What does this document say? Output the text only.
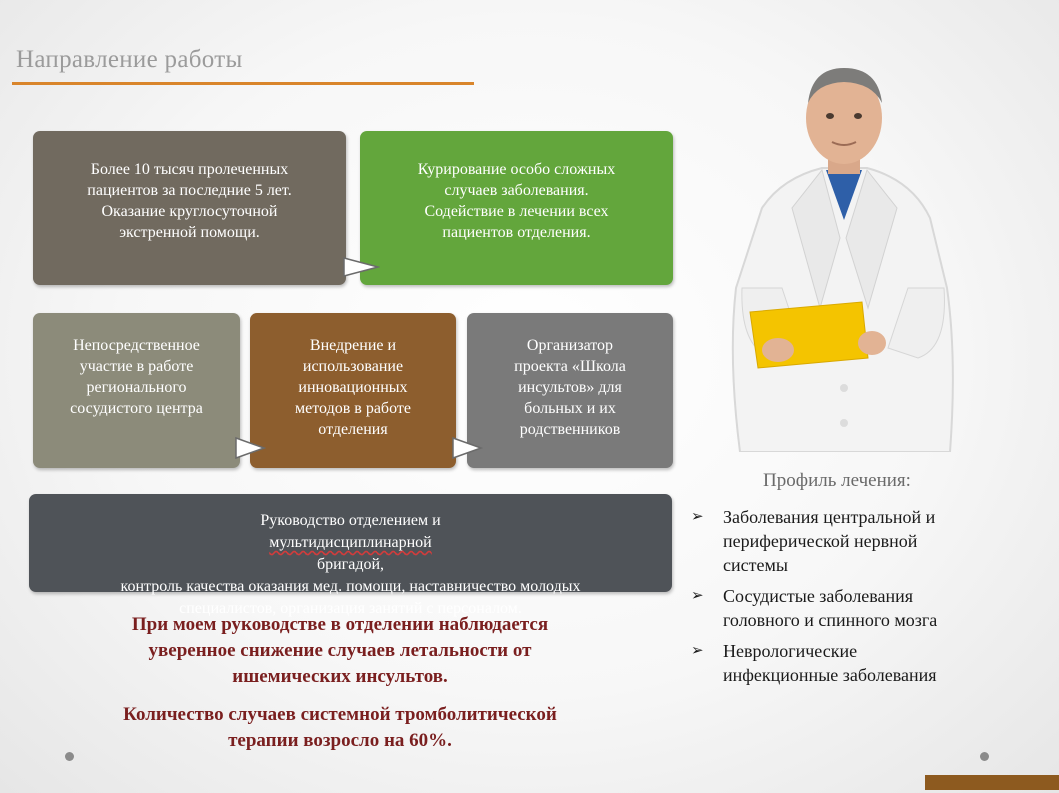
Направление работы
Более 10 тысяч пролеченных
пациентов за последние 5 лет.
Оказание круглосуточной
экстренной помощи.
Курирование особо сложных
случаев заболевания.
Содействие в лечении всех
пациентов отделения.
Непосредственное
участие в работе
регионального
сосудистого центра
Внедрение и
использование
инновационных
методов в работе
отделения
Организатор
проекта «Школа
инсультов» для
больных и их
родственников
Руководство отделением и
мультидисциплинарной
бригадой,
контроль качества оказания мед. помощи, наставничество молодых
специалистов, организация занятий с персоналом.
При моем руководстве в отделении наблюдается
уверенное снижение случаев летальности от
ишемических инсультов.
Количество случаев системной тромболитической
терапии возросло на 60%.
Профиль лечения:
➢ Заболевания центральной и
периферической нервной
системы
➢ Сосудистые заболевания
головного и спинного мозга
➢ Неврологические
инфекционные заболевания
